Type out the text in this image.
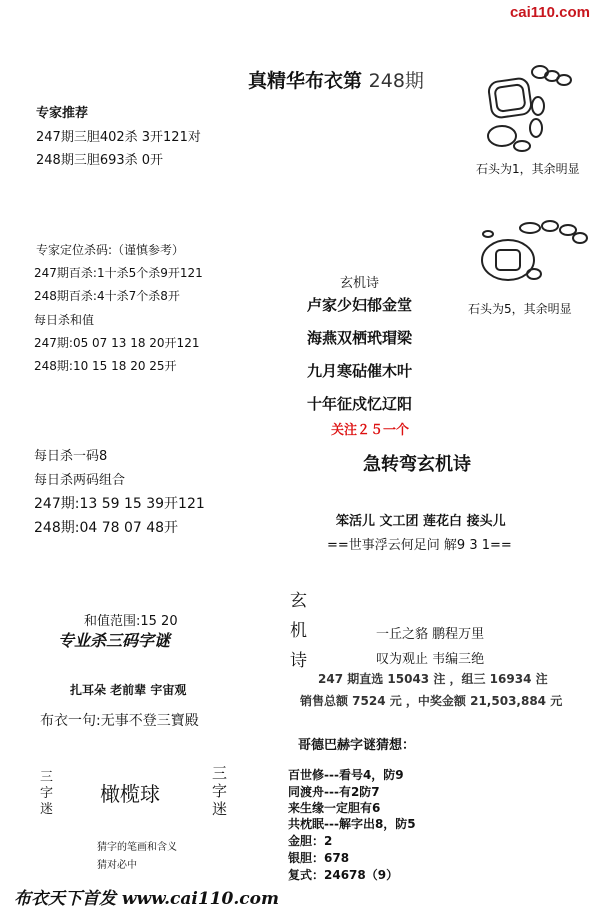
cai110.com
真精华布衣第 248期
专家推荐
247期三胆402杀 3开121对
248期三胆693杀 0开
石头为1，其余明显
石头为5，其余明显
专家定位杀码:（谨慎参考）
247期百杀:1十杀5个杀9开121
248期百杀:4十杀7个杀8开
每日杀和值
247期:05 07 13 18 20开121
248期:10 15 18 20 25开
玄机诗
卢家少妇郁金堂
海燕双栖玳瑁梁
九月寒砧催木叶
十年征戍忆辽阳
关注２５一个
急转弯玄机诗
笨活儿 文工团 莲花白 接头儿
==世事浮云何足问 解9 3 1==
每日杀一码8
每日杀两码组合
247期:13 59 15 39开121
248期:04 78 07 48开
玄
机
诗
一丘之貉 鹏程万里
叹为观止 韦编三绝
247 期直选 15043 注 ，组三 16934 注
销售总额 7524 元 ，中奖金额 21,503,884 元
和值范围:15 20
专业杀三码字谜
扎耳朵 老前辈 宇宙观
布衣一句:无事不登三寶殿
三字迷
三字迷
橄榄球
猜字的笔画和含义
猜对必中
哥德巴赫字谜猜想：
百世修---看号4，防9
同渡舟---有2防7
来生缘一定胆有6
共枕眠---解字出8，防5
金胆：2
银胆：678
复式：24678（9）
布衣天下首发 www.cai110.com
